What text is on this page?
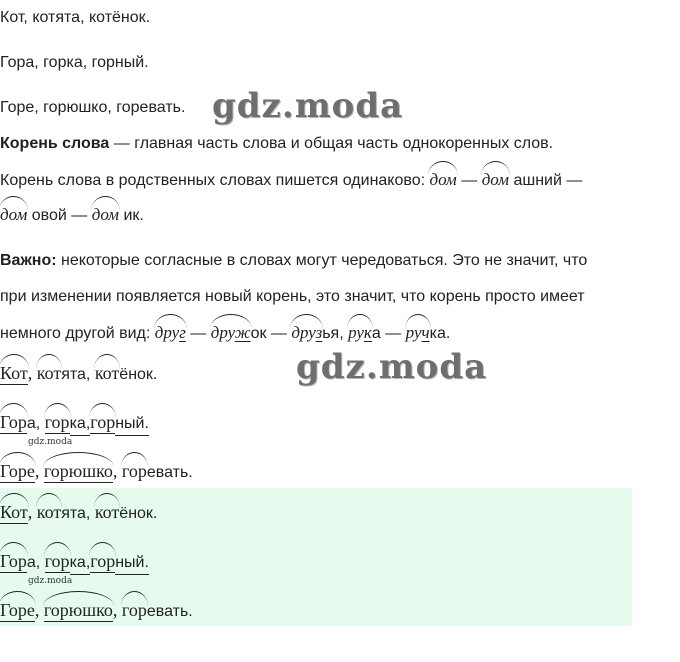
Кот, котята, котёнок.
Гора, горка, горный.
Горе, горюшко, горевать. gdz.moda
Корень слова — главная часть слова и общая часть однокоренных слов.
Корень слова в родственных словах пишется одинаково: дом — дом ашний —
дом овой — дом ик.
Важно: некоторые согласные в словах могут чередоваться. Это не значит, что
при изменении появляется новый корень, это значит, что корень просто имеет
немного другой вид: друг — дружок — друзья, рука — ручка.
gdz.moda
Кот, котята, котёнок.
Гора, горка,горный.
gdz.moda
Горе, горюшко, горевать.
Кот, котята, котёнок.
Гора, горка,горный.
gdz.moda
Горе, горюшко, горевать.
